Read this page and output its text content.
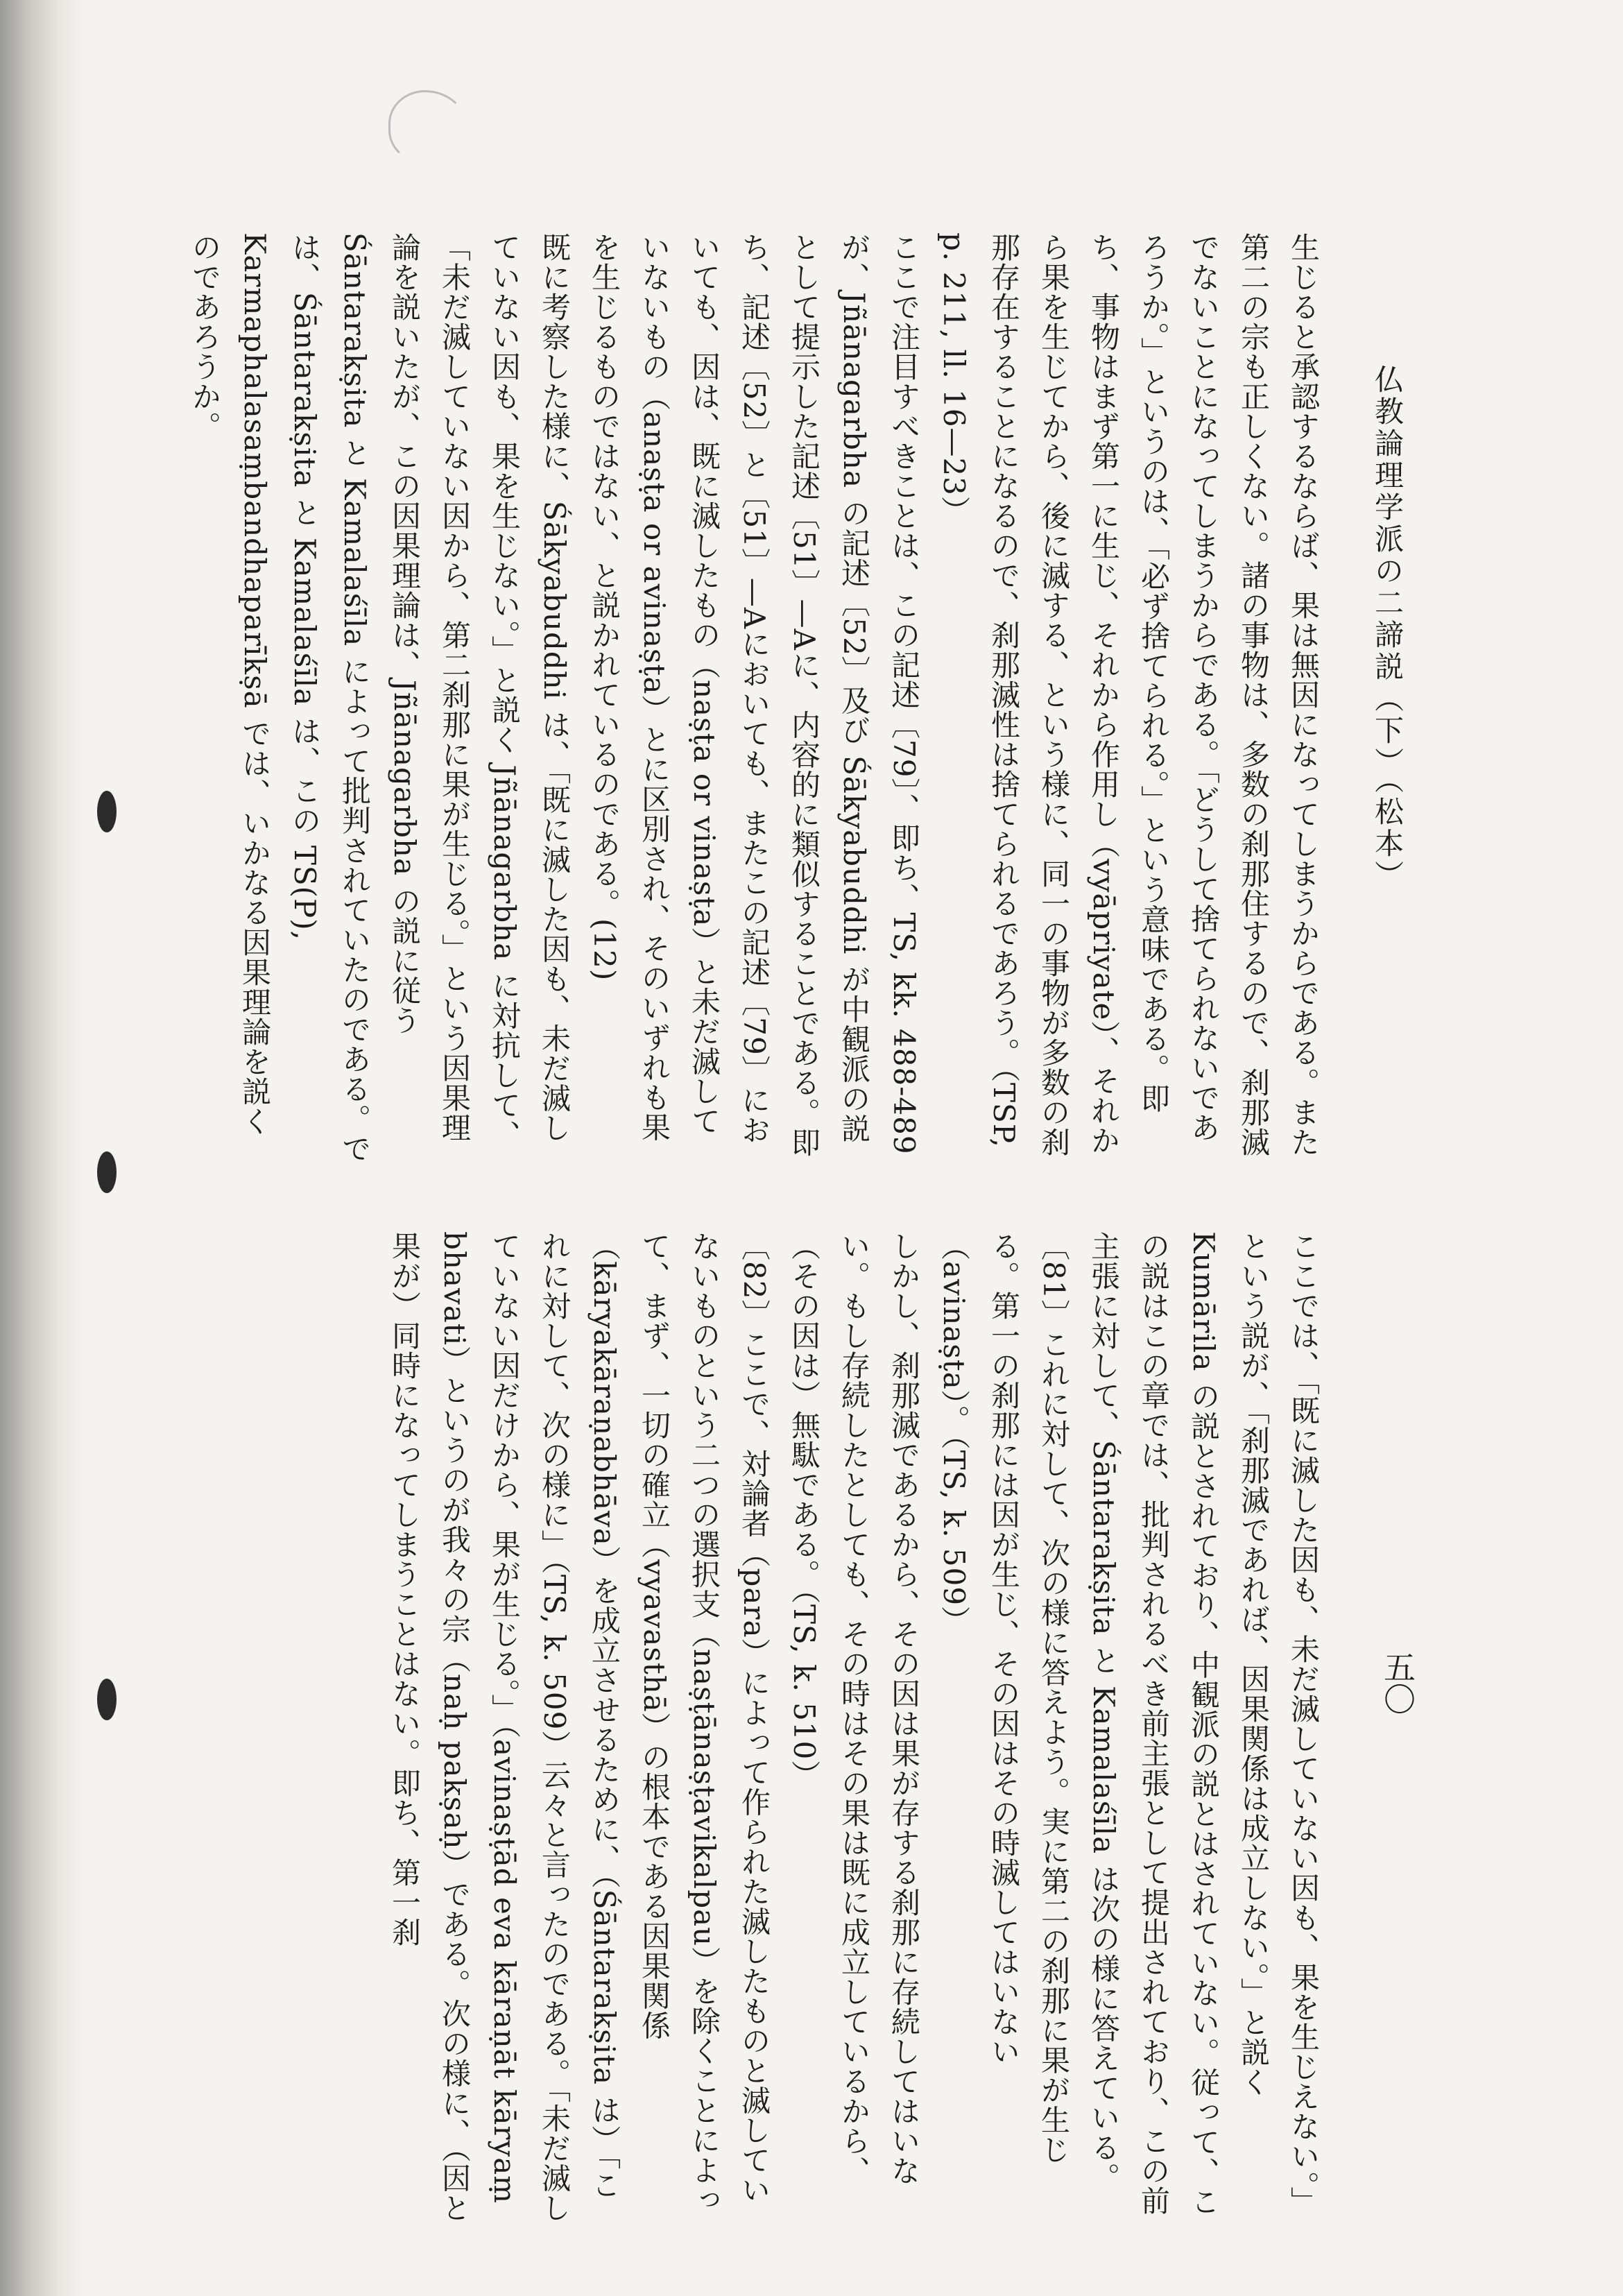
仏教論理学派の二諦説（下）（松本）
五〇

生じると承認するならば、果は無因になってしまうからである。また第二の宗も正しくない。諸の事物は、多数の刹那住するので、刹那滅でないことになってしまうからである。「どうして捨てられないであろうか。」というのは、「必ず捨てられる。」という意味である。即ち、事物はまず第一に生じ、それから作用し（vyāpriyate）、それから果を生じてから、後に滅する、という様に、同一の事物が多数の刹那存在することになるので、刹那滅性は捨てられるであろう。（TSP, p. 211, ll. 16—23）

ここで注目すべきことは、この記述〔79〕、即ち、TS, kk. 488-489 が、Jñānagarbha の記述〔52〕及び Śākyabuddhi が中観派の説として提示した記述〔51〕—Aに、内容的に類似することである。即ち、記述〔52〕と〔51〕—Aにおいても、またこの記述〔79〕においても、因は、既に滅したもの（naṣṭa or vinaṣṭa）と未だ滅していないもの（anaṣṭa or avinaṣṭa）とに区別され、そのいずれも果を生じるものではない、と説かれているのである。(12)

既に考察した様に、Śākyabuddhi は、「既に滅した因も、未だ滅していない因も、果を生じない。」と説く Jñānagarbha に対抗して、「未だ滅していない因から、第二刹那に果が生じる。」という因果理論を説いたが、この因果理論は、Jñānagarbha の説に従う Śāntarakṣita と Kamalaśīla によって批判されていたのである。では、Śāntarakṣita と Kamalaśīla は、この TS(P), Karmaphalasaṃbandhaparīkṣā では、いかなる因果理論を説くのであろうか。

ここでは、「既に滅した因も、未だ滅していない因も、果を生じえない。」という説が、「刹那滅であれば、因果関係は成立しない。」と説く Kumārila の説とされており、中観派の説とはされていない。従って、この説はこの章では、批判されるべき前主張として提出されており、この前主張に対して、Śāntarakṣita と Kamalaśīla は次の様に答えている。

〔81〕これに対して、次の様に答えよう。実に第二の刹那に果が生じる。第一の刹那には因が生じ、その因はその時滅してはいない（avinaṣṭa）。（TS, k. 509）

しかし、刹那滅であるから、その因は果が存する刹那に存続してはいない。もし存続したとしても、その時はその果は既に成立しているから、（その因は）無駄である。（TS, k. 510）

〔82〕ここで、対論者（para）によって作られた滅したものと滅していないものという二つの選択支（naṣṭānaṣṭavikalpau）を除くことによって、まず、一切の確立（vyavasthā）の根本である因果関係（kāryakāraṇabhāva）を成立させるために、（Śāntarakṣita は）「これに対して、次の様に」（TS, k. 509）云々と言ったのである。「未だ滅していない因だけから、果が生じる。」（avinaṣṭād eva kāraṇāt kāryaṃ bhavati）というのが我々の宗（naḥ pakṣaḥ）である。次の様に、（因と果が）同時になってしまうことはない。即ち、第一刹
